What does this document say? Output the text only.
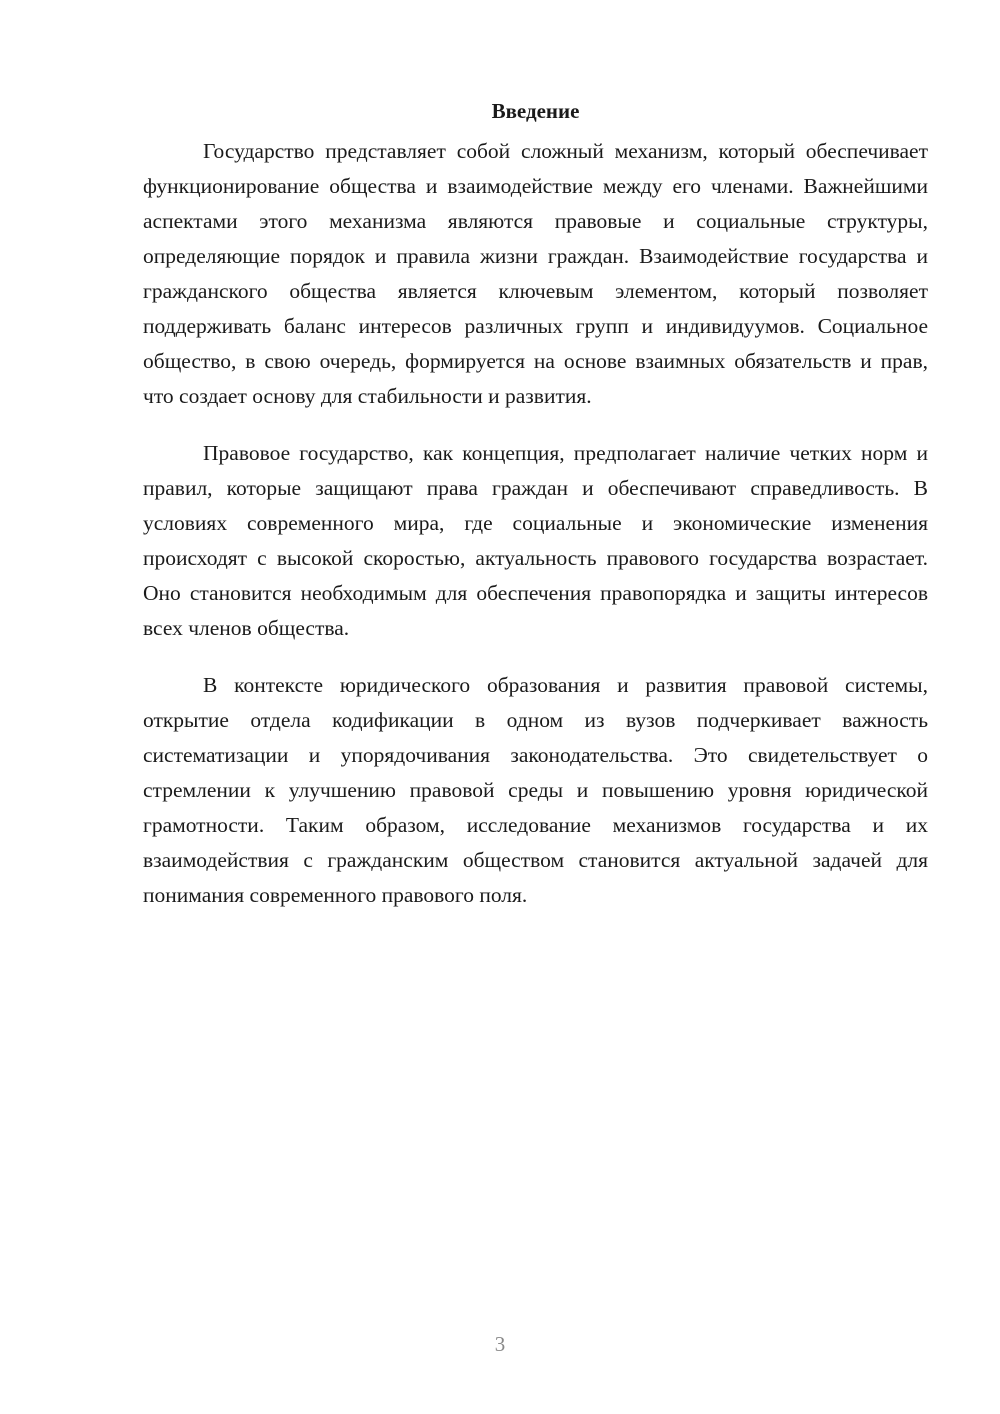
Введение

Государство представляет собой сложный механизм, который обеспечивает функционирование общества и взаимодействие между его членами. Важнейшими аспектами этого механизма являются правовые и социальные структуры, определяющие порядок и правила жизни граждан. Взаимодействие государства и гражданского общества является ключевым элементом, который позволяет поддерживать баланс интересов различных групп и индивидуумов. Социальное общество, в свою очередь, формируется на основе взаимных обязательств и прав, что создает основу для стабильности и развития.

Правовое государство, как концепция, предполагает наличие четких норм и правил, которые защищают права граждан и обеспечивают справедливость. В условиях современного мира, где социальные и экономические изменения происходят с высокой скоростью, актуальность правового государства возрастает. Оно становится необходимым для обеспечения правопорядка и защиты интересов всех членов общества.

В контексте юридического образования и развития правовой системы, открытие отдела кодификации в одном из вузов подчеркивает важность систематизации и упорядочивания законодательства. Это свидетельствует о стремлении к улучшению правовой среды и повышению уровня юридической грамотности. Таким образом, исследование механизмов государства и их взаимодействия с гражданским обществом становится актуальной задачей для понимания современного правового поля.

3
